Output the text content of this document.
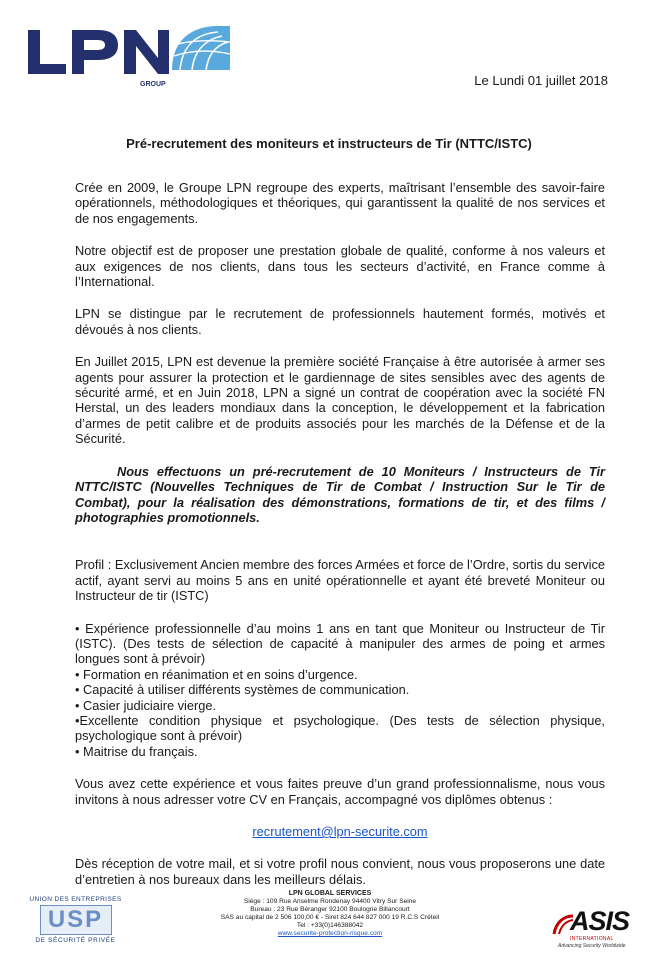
GROUP	Le Lundi 01 juillet 2018
Pré-recrutement des moniteurs et instructeurs de Tir (NTTC/ISTC)

Crée en 2009, le Groupe LPN regroupe des experts, maîtrisant l’ensemble des savoir-faire opérationnels, méthodologiques et théoriques, qui garantissent la qualité de nos services et de nos engagements.

Notre objectif est de proposer une prestation globale de qualité, conforme à nos valeurs et aux exigences de nos clients, dans tous les secteurs d’activité, en France comme à l’International.

LPN se distingue par le recrutement de professionnels hautement formés, motivés et dévoués à nos clients.

En Juillet 2015, LPN est devenue la première société Française à être autorisée à armer ses agents pour assurer la protection et le gardiennage de sites sensibles avec des agents de sécurité armé, et en Juin 2018, LPN a signé un contrat de coopération avec la société FN Herstal, un des leaders mondiaux dans la conception, le développement et la fabrication d’armes de petit calibre et de produits associés pour les marchés de la Défense et de la Sécurité.

Nous effectuons un pré-recrutement de 10 Moniteurs / Instructeurs de Tir NTTC/ISTC (Nouvelles Techniques de Tir de Combat / Instruction Sur le Tir de Combat), pour la réalisation des démonstrations, formations de tir, et des films / photographies promotionnels.

Profil : Exclusivement Ancien membre des forces Armées et force de l’Ordre, sortis du service actif, ayant servi au moins 5 ans en unité opérationnelle et ayant été breveté Moniteur ou Instructeur de tir (ISTC)

• Expérience professionnelle d’au moins 1 ans en tant que Moniteur ou Instructeur de Tir (ISTC). (Des tests de sélection de capacité à manipuler des armes de poing et armes longues sont à prévoir)
• Formation en réanimation et en soins d’urgence.
• Capacité à utiliser différents systèmes de communication.
• Casier judiciaire vierge.
•Excellente condition physique et psychologique. (Des tests de sélection physique, psychologique sont à prévoir)
• Maitrise du français.

Vous avez cette expérience et vous faites preuve d’un grand professionnalisme, nous vous invitons à nous adresser votre CV en Français, accompagné vos diplômes obtenus :

recrutement@lpn-securite.com

Dès réception de votre mail, et si votre profil nous convient, nous vous proposerons une date d’entretien à nos bureaux dans les meilleurs délais.

UNION DES ENTREPRISES
USP
DE SÉCURITÉ PRIVÉE
LPN GLOBAL SERVICES
Siège : 109 Rue Anselme Rondenay 94400 Vitry Sur Seine
Bureau : 23 Rue Béranger 92100 Boulogne Billancourt
SAS au capital de 2 506 100,00 € - Siret 824 644 827 000 19 R.C.S Créteil
Tel : +33(0)146388042
www.securite-protection-risque.com	ASIS
INTERNATIONAL
Advancing Security Worldwide
